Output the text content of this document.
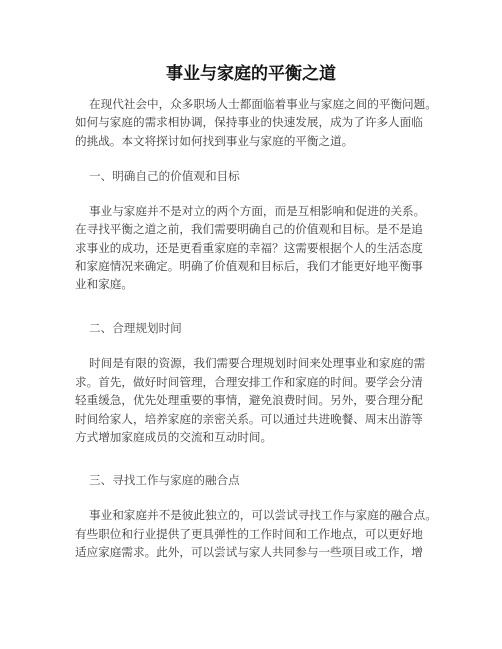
事业与家庭的平衡之道
在现代社会中，众多职场人士都面临着事业与家庭之间的平衡问题。
如何与家庭的需求相协调，保持事业的快速发展，成为了许多人面临
的挑战。本文将探讨如何找到事业与家庭的平衡之道。
一、明确自己的价值观和目标
事业与家庭并不是对立的两个方面，而是互相影响和促进的关系。
在寻找平衡之道之前，我们需要明确自己的价值观和目标。是不是追
求事业的成功，还是更看重家庭的幸福？这需要根据个人的生活态度
和家庭情况来确定。明确了价值观和目标后，我们才能更好地平衡事
业和家庭。
二、合理规划时间
时间是有限的资源，我们需要合理规划时间来处理事业和家庭的需
求。首先，做好时间管理，合理安排工作和家庭的时间。要学会分清
轻重缓急，优先处理重要的事情，避免浪费时间。另外，要合理分配
时间给家人，培养家庭的亲密关系。可以通过共进晚餐、周末出游等
方式增加家庭成员的交流和互动时间。
三、寻找工作与家庭的融合点
事业和家庭并不是彼此独立的，可以尝试寻找工作与家庭的融合点。
有些职位和行业提供了更具弹性的工作时间和工作地点，可以更好地
适应家庭需求。此外，可以尝试与家人共同参与一些项目或工作，增
